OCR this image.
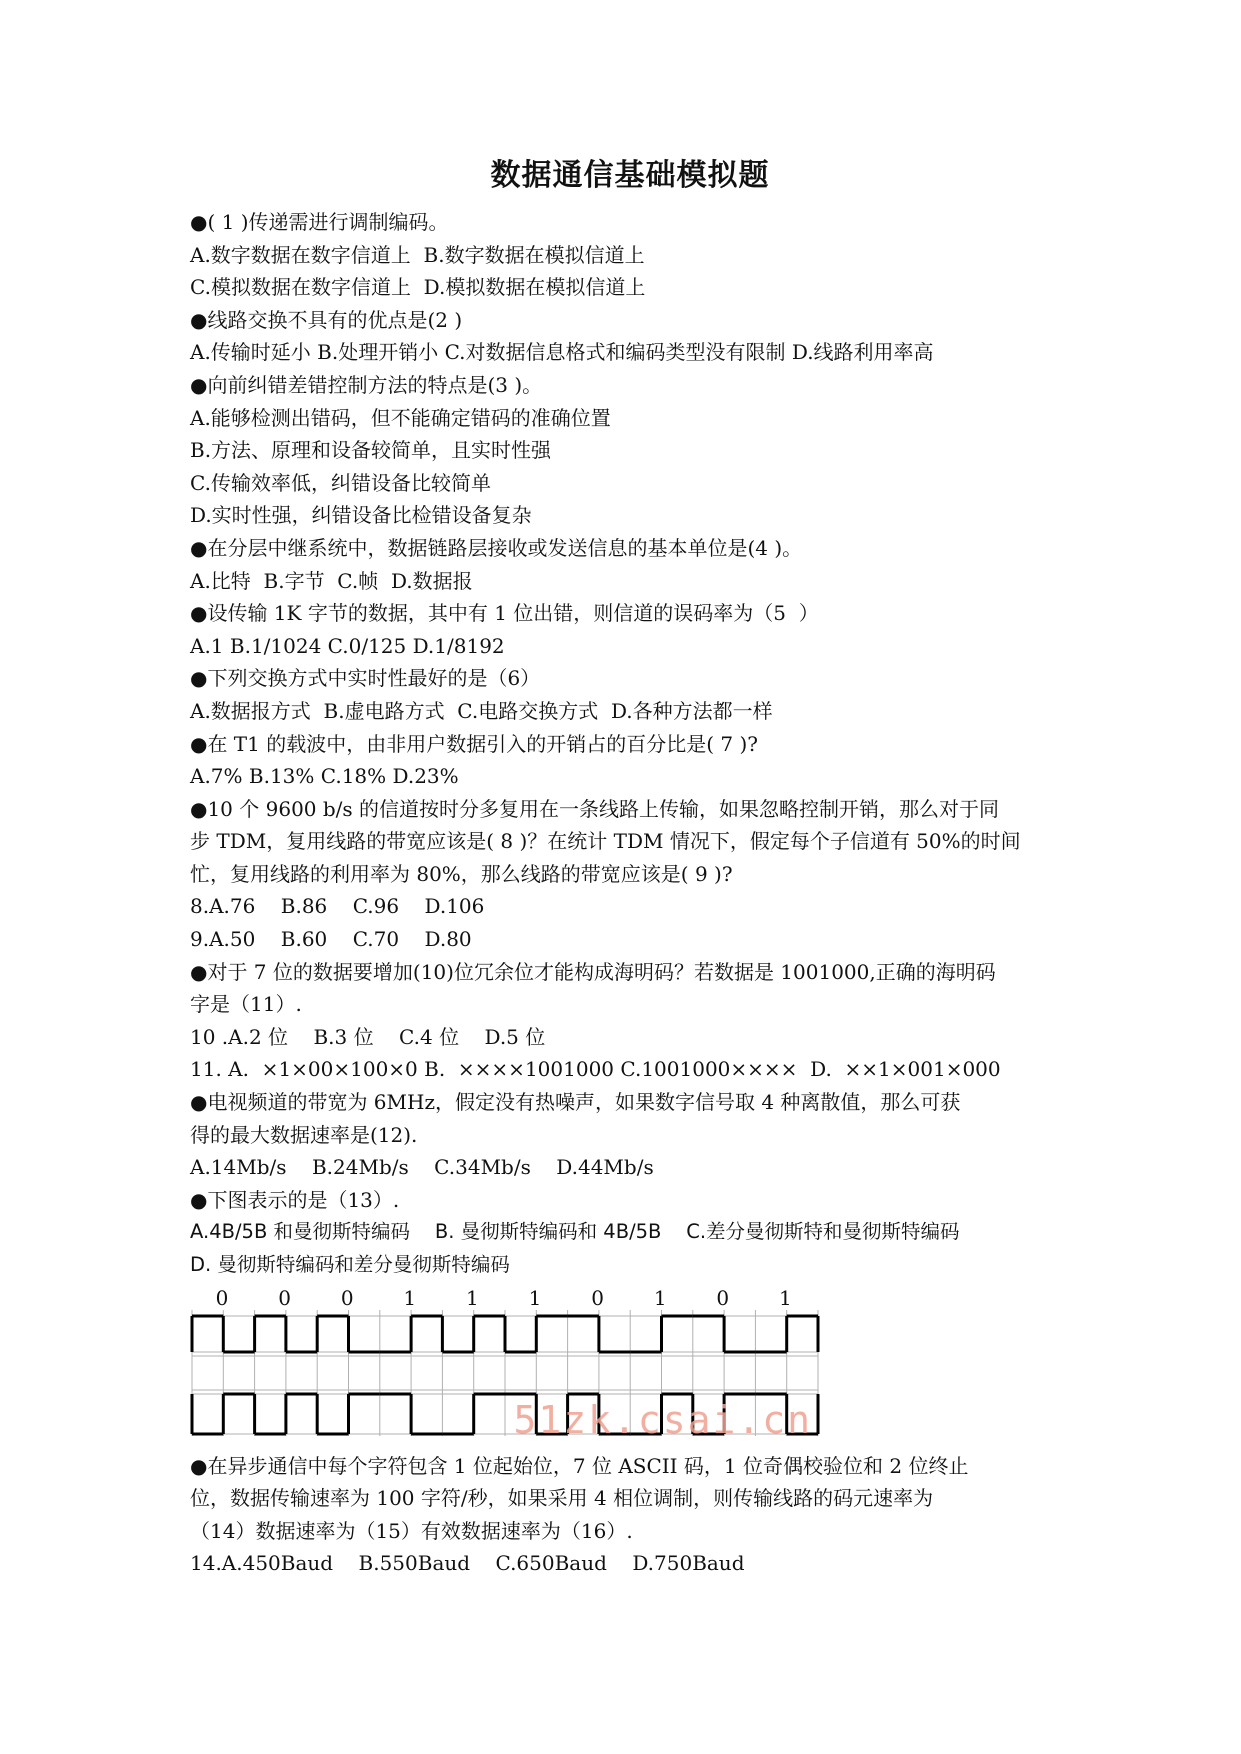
数据通信基础模拟题

●( 1 )传递需进行调制编码。

A.数字数据在数字信道上  B.数字数据在模拟信道上

C.模拟数据在数字信道上  D.模拟数据在模拟信道上

●线路交换不具有的优点是(2 )

A.传输时延小 B.处理开销小 C.对数据信息格式和编码类型没有限制 D.线路利用率高

●向前纠错差错控制方法的特点是(3 )。

A.能够检测出错码，但不能确定错码的准确位置

B.方法、原理和设备较简单，且实时性强

C.传输效率低，纠错设备比较简单

D.实时性强，纠错设备比检错设备复杂

●在分层中继系统中，数据链路层接收或发送信息的基本单位是(4 )。

A.比特  B.字节  C.帧  D.数据报

●设传输 1K 字节的数据，其中有 1 位出错，则信道的误码率为（5  ）

A.1 B.1/1024 C.0/125 D.1/8192

●下列交换方式中实时性最好的是（6）

A.数据报方式  B.虚电路方式  C.电路交换方式  D.各种方法都一样

●在 T1 的载波中，由非用户数据引入的开销占的百分比是( 7 )?

A.7% B.13% C.18% D.23%

●10 个 9600 b/s 的信道按时分多复用在一条线路上传输，如果忽略控制开销，那么对于同

步 TDM，复用线路的带宽应该是( 8 )？在统计 TDM 情况下，假定每个子信道有 50%的时间

忙，复用线路的利用率为 80%，那么线路的带宽应该是( 9 )?

8.A.76    B.86    C.96    D.106

9.A.50    B.60    C.70    D.80

●对于 7 位的数据要增加(10)位冗余位才能构成海明码？若数据是 1001000,正确的海明码

字是（11）.

10 .A.2 位    B.3 位    C.4 位    D.5 位

11. A.  ×1×00×100×0 B.  ××××1001000 C.1001000××××  D.  ××1×001×000

●电视频道的带宽为 6MHz，假定没有热噪声，如果数字信号取 4 种离散值，那么可获

得的最大数据速率是(12).

A.14Mb/s    B.24Mb/s    C.34Mb/s    D.44Mb/s

●下图表示的是（13）.

A.4B/5B 和曼彻斯特编码    B. 曼彻斯特编码和 4B/5B    C.差分曼彻斯特和曼彻斯特编码

D. 曼彻斯特编码和差分曼彻斯特编码

0 0 0 1 1 1 0 1 0 1
51zk.csai.cn

●在异步通信中每个字符包含 1 位起始位，7 位 ASCII 码，1 位奇偶校验位和 2 位终止

位，数据传输速率为 100 字符/秒，如果采用 4 相位调制，则传输线路的码元速率为

（14）数据速率为（15）有效数据速率为（16）.

14.A.450Baud    B.550Baud    C.650Baud    D.750Baud
